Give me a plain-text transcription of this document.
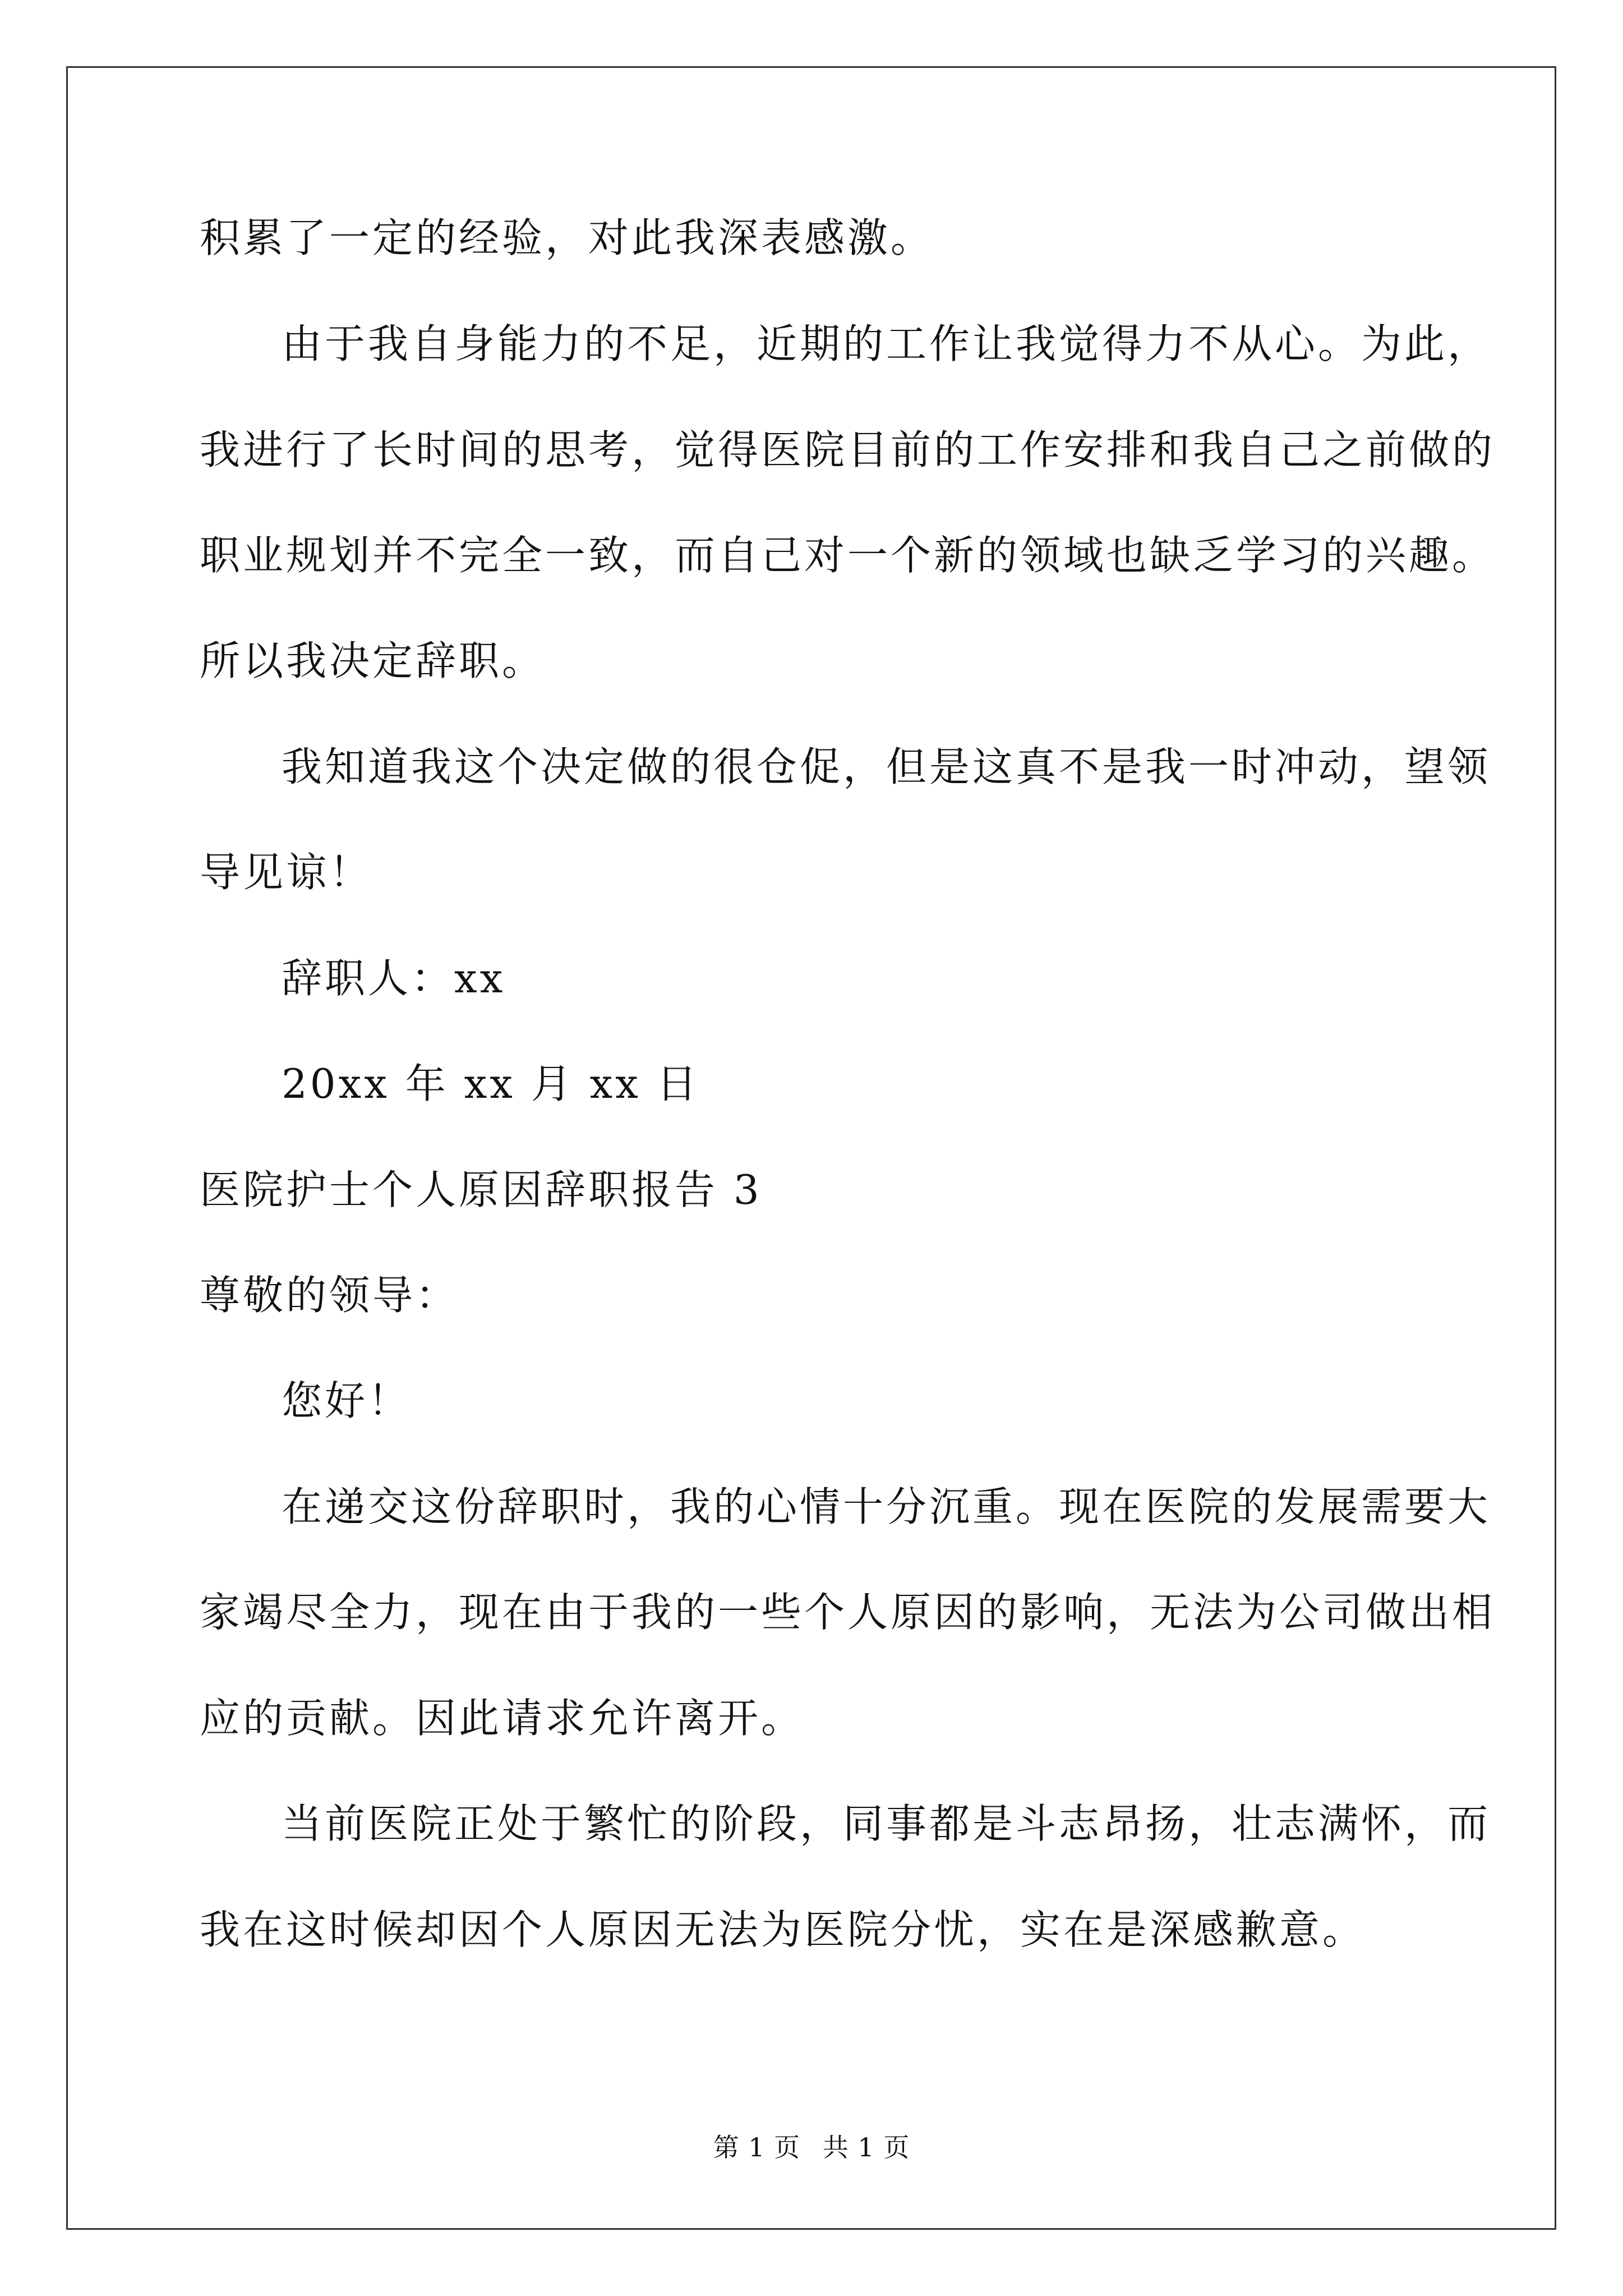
积累了一定的经验，对此我深表感激。
由于我自身能力的不足，近期的工作让我觉得力不从心。为此，
我进行了长时间的思考，觉得医院目前的工作安排和我自己之前做的
职业规划并不完全一致，而自己对一个新的领域也缺乏学习的兴趣。
所以我决定辞职。
我知道我这个决定做的很仓促，但是这真不是我一时冲动，望领
导见谅！
辞职人：xx
20xx 年 xx 月 xx 日
医院护士个人原因辞职报告 3
尊敬的领导：
您好！
在递交这份辞职时，我的心情十分沉重。现在医院的发展需要大
家竭尽全力，现在由于我的一些个人原因的影响，无法为公司做出相
应的贡献。因此请求允许离开。
当前医院正处于繁忙的阶段，同事都是斗志昂扬，壮志满怀，而
我在这时候却因个人原因无法为医院分忧，实在是深感歉意。
第 1 页 共 1 页
